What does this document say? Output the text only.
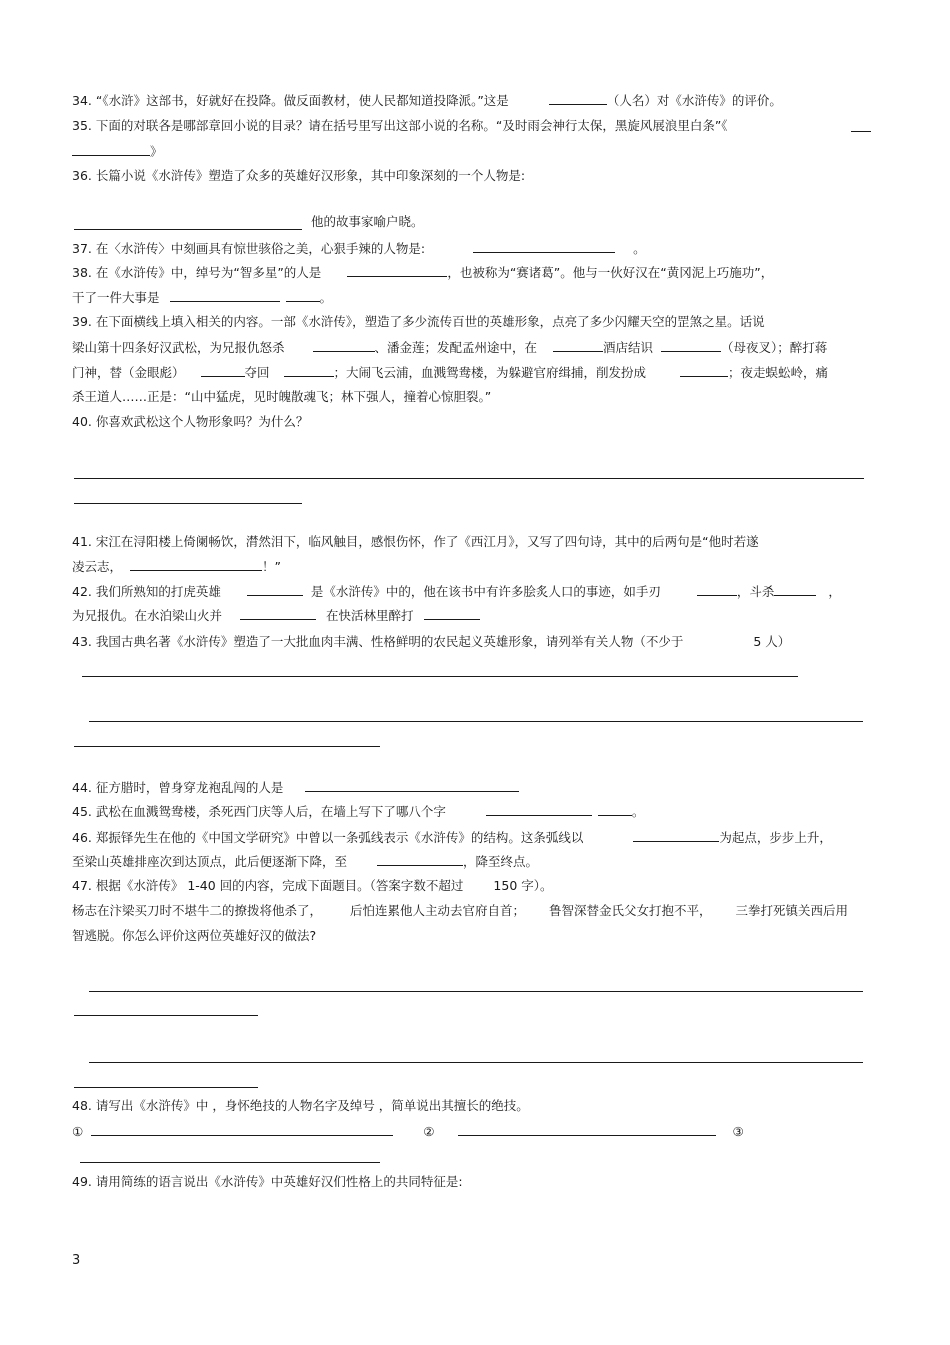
34. “《水浒》这部书，好就好在投降。做反面教材，使人民都知道投降派。”这是	（人名）对《水浒传》的评价。
35. 下面的对联各是哪部章回小说的目录？请在括号里写出这部小说的名称。“及时雨会神行太保，黑旋风展浪里白条”《
》
36. 长篇小说《水浒传》塑造了众多的英雄好汉形象，其中印象深刻的一个人物是:
他的故事家喻户晓。
37. 在〈水浒传〉中刻画具有惊世骇俗之美，心狠手辣的人物是:	。
38. 在《水浒传》中，绰号为“智多星”的人是	，也被称为“赛诸葛”。他与一伙好汉在“黄冈泥上巧施功”，
干了一件大事是	。
39. 在下面横线上填入相关的内容。一部《水浒传》，塑造了多少流传百世的英雄形象，点亮了多少闪耀天空的罡煞之星。话说
梁山第十四条好汉武松，为兄报仇怒杀	、潘金莲；发配孟州途中，在	酒店结识	（母夜叉）；醉打蒋
门神，替（金眼彪）	夺回	；大闹飞云浦，血溅鸳鸯楼，为躲避官府缉捕，削发扮成	；夜走蜈蚣岭，痛
杀王道人……正是：“山中猛虎，见时魄散魂飞；林下强人，撞着心惊胆裂。”
40. 你喜欢武松这个人物形象吗？为什么？
41. 宋江在浔阳楼上倚阑畅饮，潸然泪下，临风触目，感恨伤怀，作了《西江月》，又写了四句诗，其中的后两句是“他时若遂
凌云志，	！”
42. 我们所熟知的打虎英雄	是《水浒传》中的，他在该书中有许多脍炙人口的事迹，如手刃	，斗杀	，
为兄报仇。在水泊梁山火并	在快活林里醉打
43. 我国古典名著《水浒传》塑造了一大批血肉丰满、性格鲜明的农民起义英雄形象，请列举有关人物（不少于	5 人）
44. 征方腊时，曾身穿龙袍乱闯的人是
45. 武松在血溅鸳鸯楼，杀死西门庆等人后，在墙上写下了哪八个字	。
46. 郑振铎先生在他的《中国文学研究》中曾以一条弧线表示《水浒传》的结构。这条弧线以	为起点，步步上升，
至梁山英雄排座次到达顶点，此后便逐渐下降，至	，降至终点。
47. 根据《水浒传》 1-40 回的内容，完成下面题目。（答案字数不超过 150 字）。
杨志在汴梁买刀时不堪牛二的撩拨将他杀了， 后怕连累他人主动去官府自首； 鲁智深替金氏父女打抱不平， 三拳打死镇关西后用
智逃脱。你怎么评价这两位英雄好汉的做法?
48. 请写出《水浒传》中 ，身怀绝技的人物名字及绰号 ，简单说出其擅长的绝技。
①	②	③
49. 请用简练的语言说出《水浒传》中英雄好汉们性格上的共同特征是:
3
